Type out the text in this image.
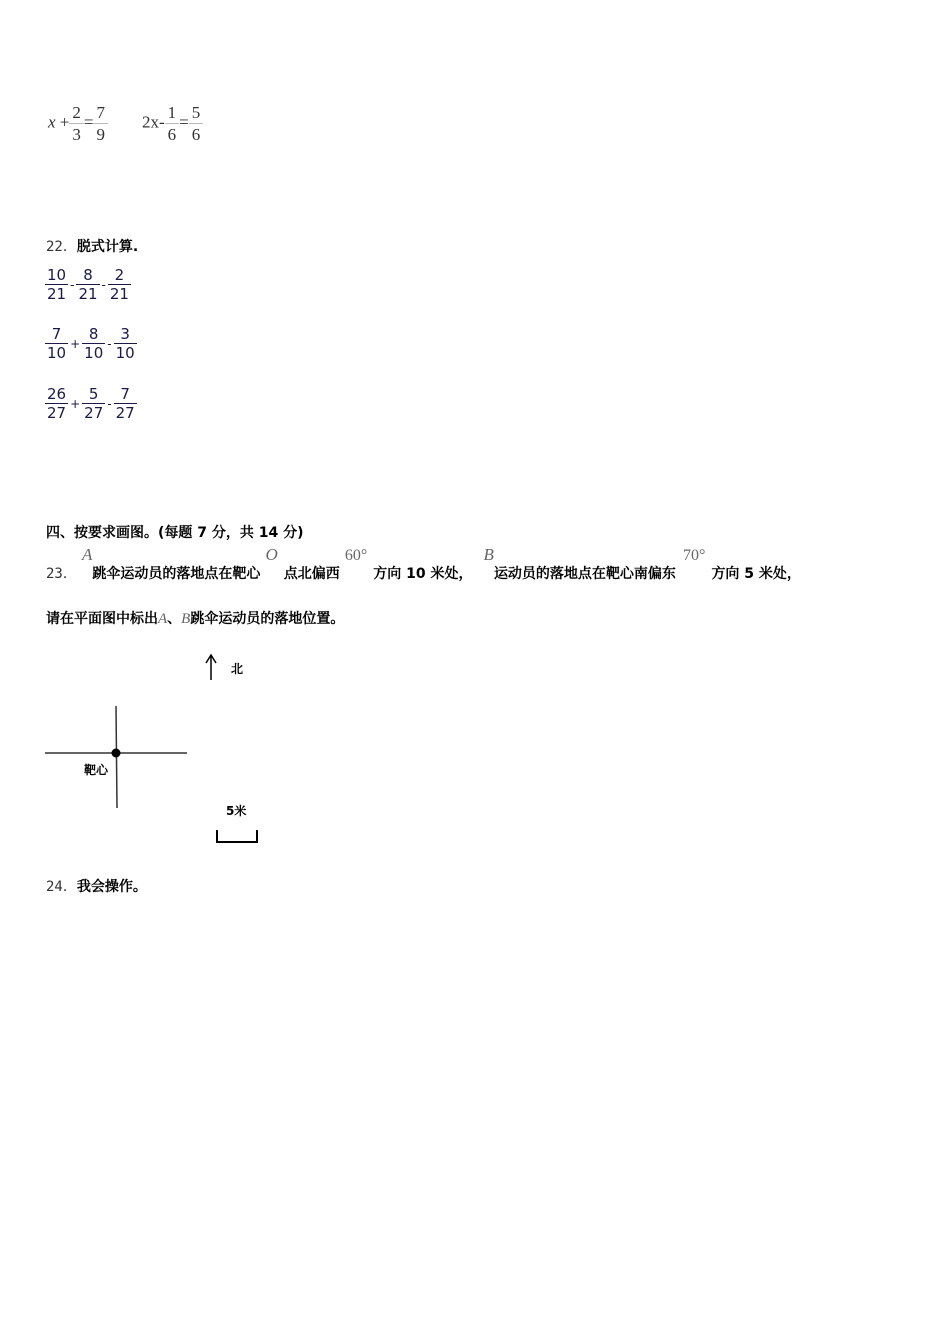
$x + \frac{2}{3} = \frac{7}{9} 2x- \frac{1}{6} = \frac{5}{6}$
22．脱式计算.
$\frac{10}{21} - \frac{8}{21} - \frac{2}{21}$
$\frac{7}{10} + \frac{8}{10} - \frac{3}{10}$
$\frac{26}{27} + \frac{5}{27} - \frac{7}{27}$
四、按要求画图。(每题 7 分，共 14 分)
23． A跳伞运动员的落地点在靶心 O点北偏西 60°方向 10 米处， B运动员的落地点在靶心南偏东 70°方向 5 米处，
请在平面图中标出A、B跳伞运动员的落地位置。
北
靶心
5米
24．我会操作。
